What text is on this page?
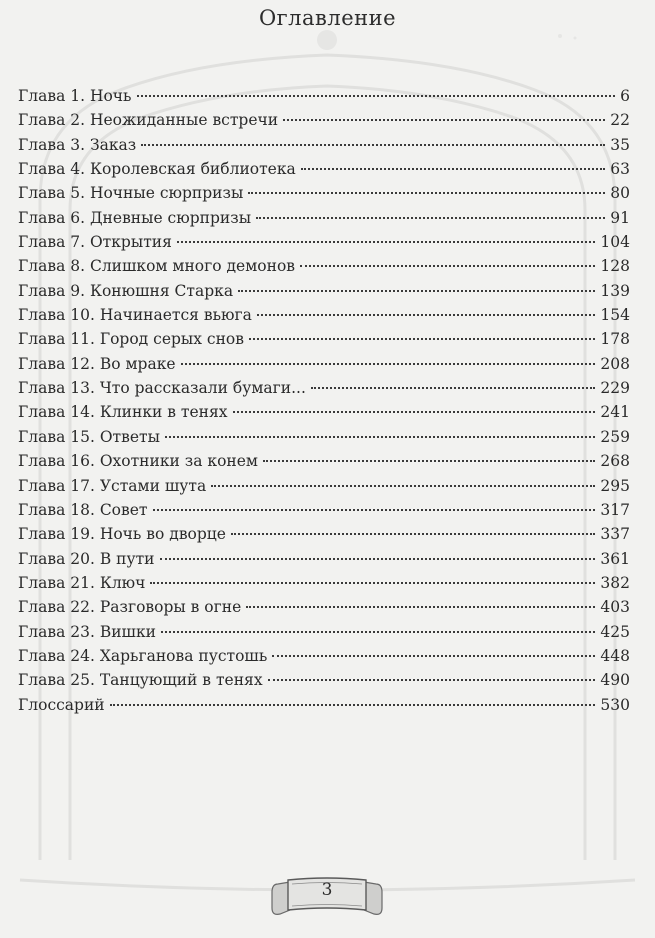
Оглавление
Глава 1. Ночь	6
Глава 2. Неожиданные встречи	22
Глава 3. Заказ	35
Глава 4. Королевская библиотека	63
Глава 5. Ночные сюрпризы	80
Глава 6. Дневные сюрпризы	91
Глава 7. Открытия	104
Глава 8. Слишком много демонов	128
Глава 9. Конюшня Старка	139
Глава 10. Начинается вьюга	154
Глава 11. Город серых снов	178
Глава 12. Во мраке	208
Глава 13. Что рассказали бумаги...	229
Глава 14. Клинки в тенях	241
Глава 15. Ответы	259
Глава 16. Охотники за конем	268
Глава 17. Устами шута	295
Глава 18. Совет	317
Глава 19. Ночь во дворце	337
Глава 20. В пути	361
Глава 21. Ключ	382
Глава 22. Разговоры в огне	403
Глава 23. Вишки	425
Глава 24. Харьганова пустошь	448
Глава 25. Танцующий в тенях	490
Глоссарий	530
3
